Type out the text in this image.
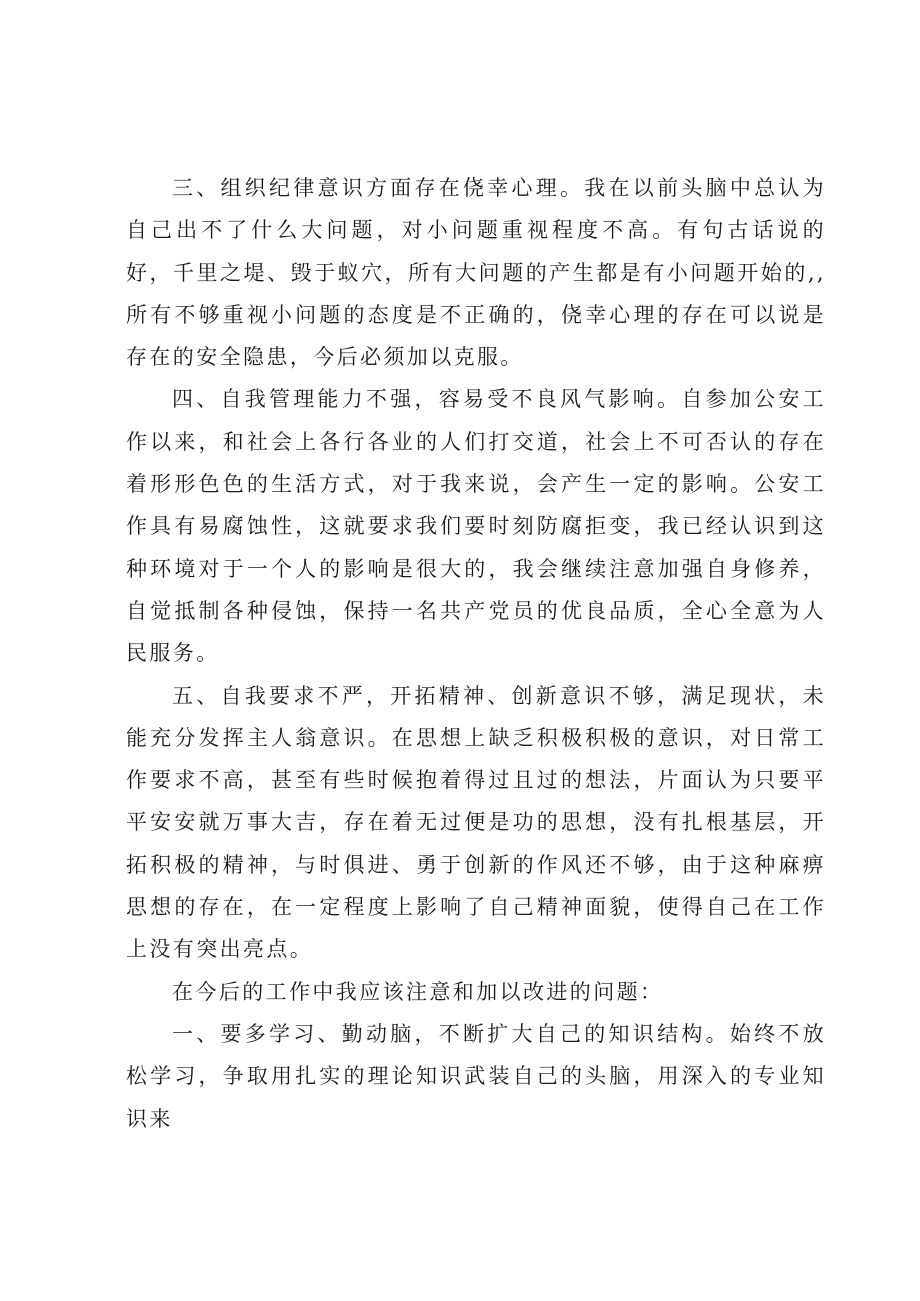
三、组织纪律意识方面存在侥幸心理。我在以前头脑中总认为自己出不了什么大问题，对小问题重视程度不高。有句古话说的好，千里之堤、毁于蚁穴，所有大问题的产生都是有小问题开始的,,所有不够重视小问题的态度是不正确的，侥幸心理的存在可以说是存在的安全隐患，今后必须加以克服。

四、自我管理能力不强，容易受不良风气影响。自参加公安工作以来，和社会上各行各业的人们打交道，社会上不可否认的存在着形形色色的生活方式，对于我来说，会产生一定的影响。公安工作具有易腐蚀性，这就要求我们要时刻防腐拒变，我已经认识到这种环境对于一个人的影响是很大的，我会继续注意加强自身修养，自觉抵制各种侵蚀，保持一名共产党员的优良品质，全心全意为人民服务。

五、自我要求不严，开拓精神、创新意识不够，满足现状，未能充分发挥主人翁意识。在思想上缺乏积极积极的意识，对日常工作要求不高，甚至有些时候抱着得过且过的想法，片面认为只要平平安安就万事大吉，存在着无过便是功的思想，没有扎根基层，开拓积极的精神，与时俱进、勇于创新的作风还不够，由于这种麻痹思想的存在，在一定程度上影响了自己精神面貌，使得自己在工作上没有突出亮点。

在今后的工作中我应该注意和加以改进的问题：

一、要多学习、勤动脑，不断扩大自己的知识结构。始终不放松学习，争取用扎实的理论知识武装自己的头脑，用深入的专业知识来
